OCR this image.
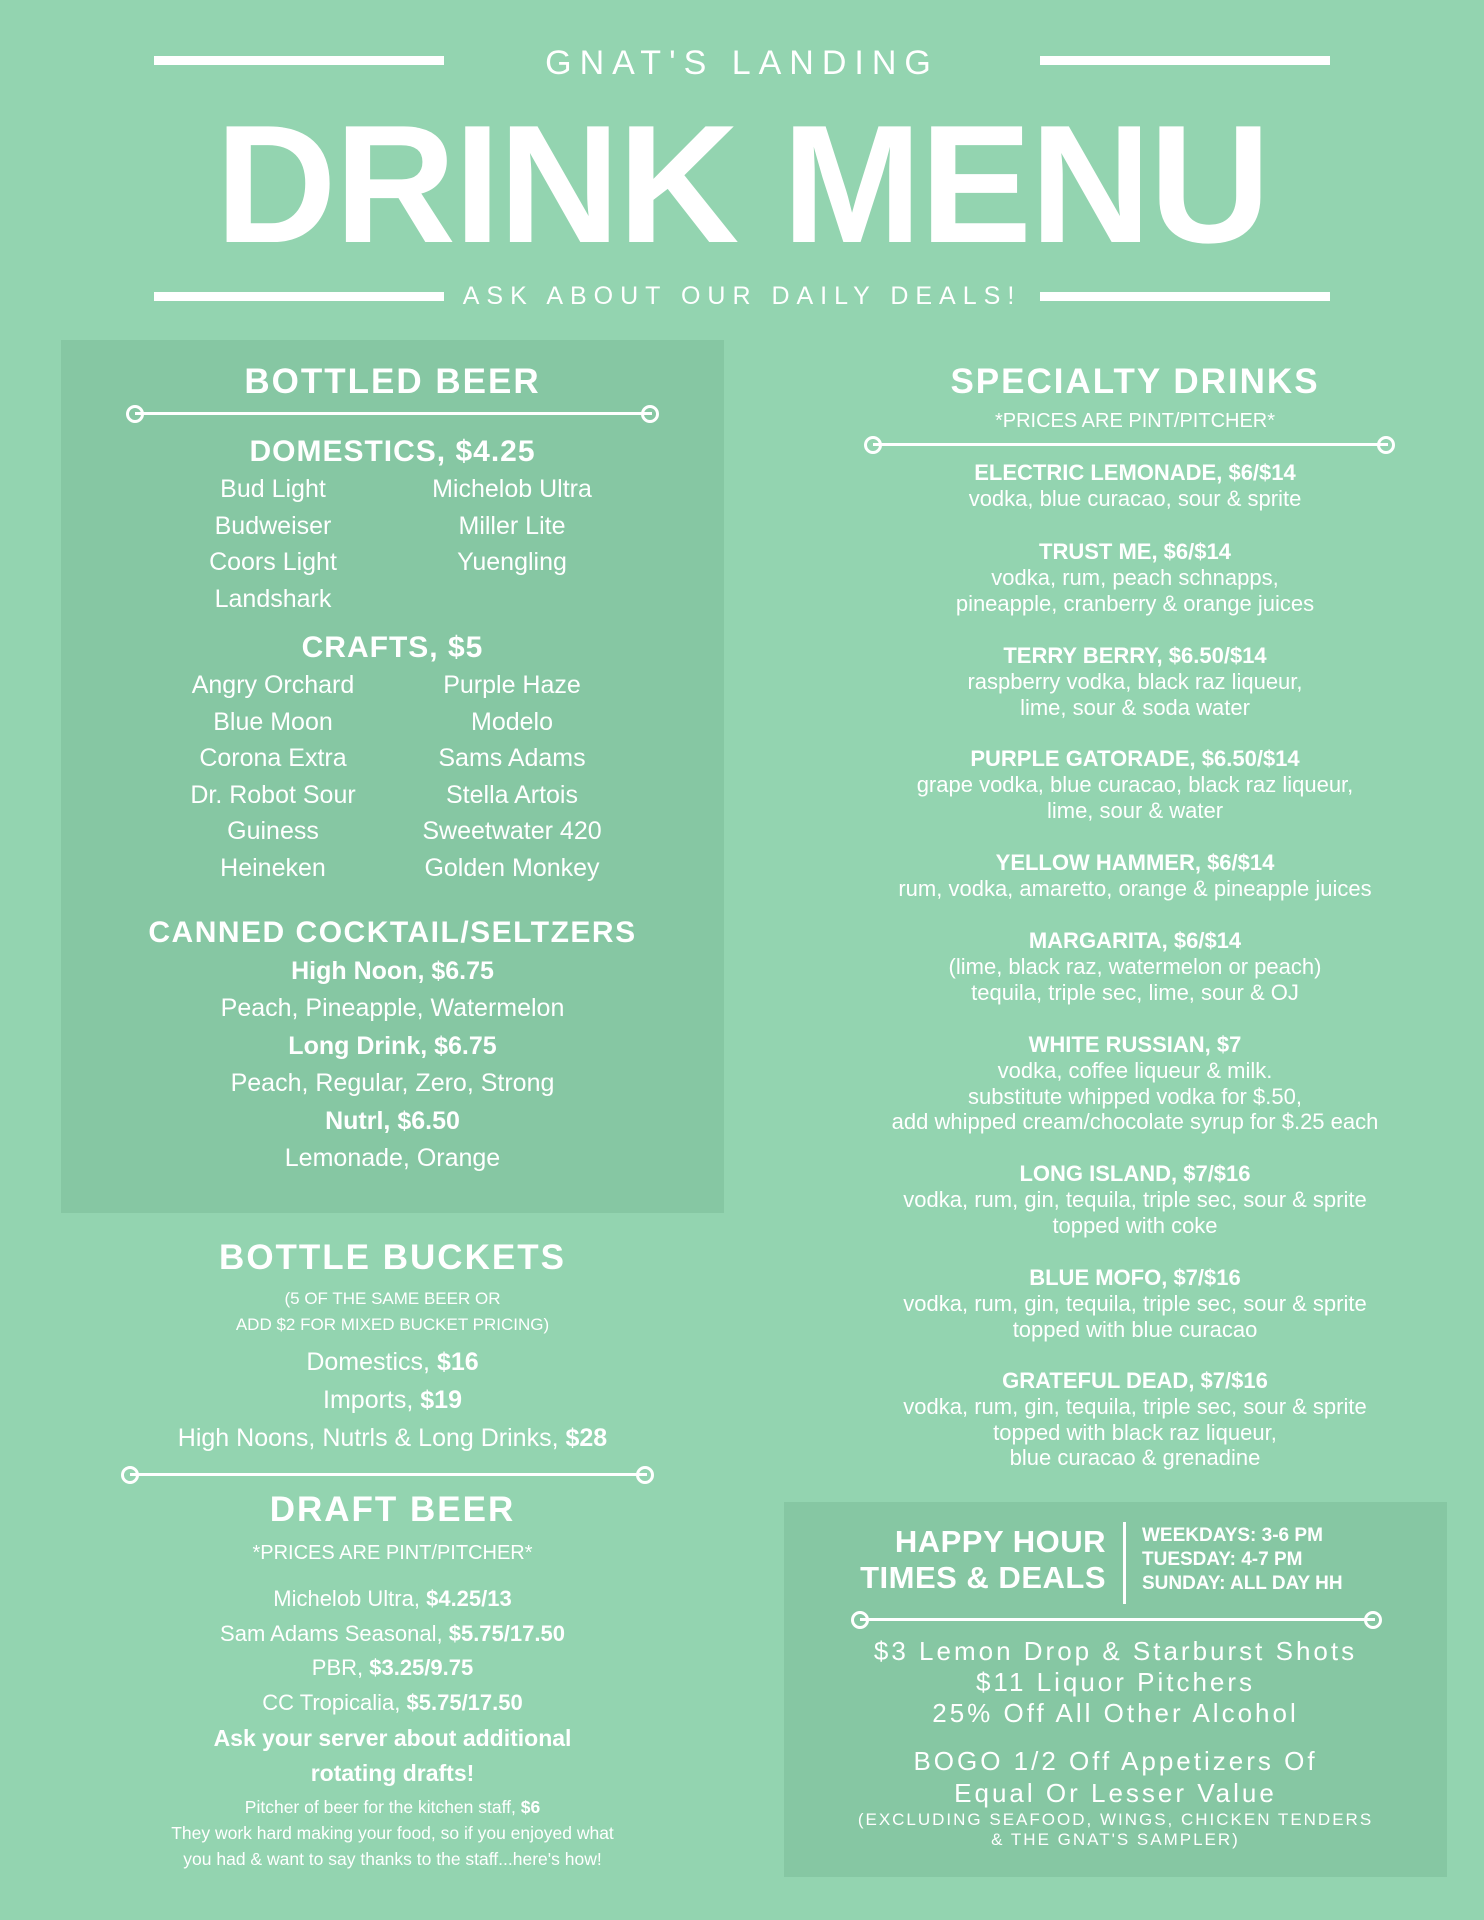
GNAT'S LANDING
DRINK MENU
ASK ABOUT OUR DAILY DEALS!
BOTTLED BEER
DOMESTICS, $4.25
Bud Light
Budweiser
Coors Light
Landshark
Michelob Ultra
Miller Lite
Yuengling
CRAFTS, $5
Angry Orchard
Blue Moon
Corona Extra
Dr. Robot Sour
Guiness
Heineken
Purple Haze
Modelo
Sams Adams
Stella Artois
Sweetwater 420
Golden Monkey
CANNED COCKTAIL/SELTZERS
High Noon, $6.75
Peach, Pineapple, Watermelon
Long Drink, $6.75
Peach, Regular, Zero, Strong
Nutrl, $6.50
Lemonade, Orange
BOTTLE BUCKETS
(5 OF THE SAME BEER OR
ADD $2 FOR MIXED BUCKET PRICING)
Domestics, $16
Imports, $19
High Noons, Nutrls & Long Drinks, $28
DRAFT BEER
*PRICES ARE PINT/PITCHER*
Michelob Ultra, $4.25/13
Sam Adams Seasonal, $5.75/17.50
PBR, $3.25/9.75
CC Tropicalia, $5.75/17.50
Ask your server about additional
rotating drafts!
Pitcher of beer for the kitchen staff, $6
They work hard making your food, so if you enjoyed what
you had & want to say thanks to the staff...here's how!
SPECIALTY DRINKS
*PRICES ARE PINT/PITCHER*
ELECTRIC LEMONADE, $6/$14
vodka, blue curacao, sour & sprite
TRUST ME, $6/$14
vodka, rum, peach schnapps,
pineapple, cranberry & orange juices
TERRY BERRY, $6.50/$14
raspberry vodka, black raz liqueur,
lime, sour & soda water
PURPLE GATORADE, $6.50/$14
grape vodka, blue curacao, black raz liqueur,
lime, sour & water
YELLOW HAMMER, $6/$14
rum, vodka, amaretto, orange & pineapple juices
MARGARITA, $6/$14
(lime, black raz, watermelon or peach)
tequila, triple sec, lime, sour & OJ
WHITE RUSSIAN, $7
vodka, coffee liqueur & milk.
substitute whipped vodka for $.50,
add whipped cream/chocolate syrup for $.25 each
LONG ISLAND, $7/$16
vodka, rum, gin, tequila, triple sec, sour & sprite
topped with coke
BLUE MOFO, $7/$16
vodka, rum, gin, tequila, triple sec, sour & sprite
topped with blue curacao
GRATEFUL DEAD, $7/$16
vodka, rum, gin, tequila, triple sec, sour & sprite
topped with black raz liqueur,
blue curacao & grenadine
HAPPY HOUR
TIMES & DEALS
WEEKDAYS: 3-6 PM
TUESDAY: 4-7 PM
SUNDAY: ALL DAY HH
$3 Lemon Drop & Starburst Shots
$11 Liquor Pitchers
25% Off All Other Alcohol
BOGO 1/2 Off Appetizers Of
Equal Or Lesser Value
(EXCLUDING SEAFOOD, WINGS, CHICKEN TENDERS
& THE GNAT'S SAMPLER)
